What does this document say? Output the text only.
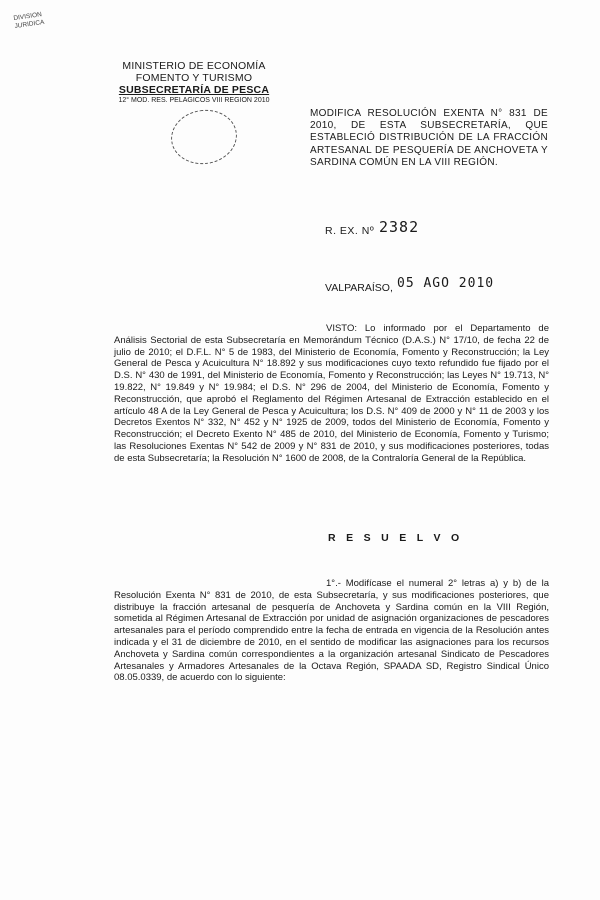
MINISTERIO DE ECONOMÍA
FOMENTO Y TURISMO
SUBSECRETARÍA DE PESCA
12° MOD. RES. PELAGICOS VIII REGION 2010
DIVISION
JURIDICA
MODIFICA RESOLUCIÓN EXENTA N° 831 DE 2010, DE ESTA SUBSECRETARÍA, QUE ESTABLECIÓ DISTRIBUCIÓN DE LA FRACCIÓN ARTESANAL DE PESQUERÍA DE ANCHOVETA Y SARDINA COMÚN EN LA VIII REGIÓN.
R. EX. Nº 2382
VALPARAÍSO, 05 AGO 2010
VISTO: Lo informado por el Departamento de Análisis Sectorial de esta Subsecretaría en Memorándum Técnico (D.A.S.) N° 17/10, de fecha 22 de julio de 2010; el D.F.L. N° 5 de 1983, del Ministerio de Economía, Fomento y Reconstrucción; la Ley General de Pesca y Acuicultura N° 18.892 y sus modificaciones cuyo texto refundido fue fijado por el D.S. N° 430 de 1991, del Ministerio de Economía, Fomento y Reconstrucción; las Leyes N° 19.713, N° 19.822, N° 19.849 y N° 19.984; el D.S. N° 296 de 2004, del Ministerio de Economía, Fomento y Reconstrucción, que aprobó el Reglamento del Régimen Artesanal de Extracción establecido en el artículo 48 A de la Ley General de Pesca y Acuicultura; los D.S. N° 409 de 2000 y N° 11 de 2003 y los Decretos Exentos N° 332, N° 452 y N° 1925 de 2009, todos del Ministerio de Economía, Fomento y Reconstrucción; el Decreto Exento N° 485 de 2010, del Ministerio de Economía, Fomento y Turismo; las Resoluciones Exentas N° 542 de 2009 y N° 831 de 2010, y sus modificaciones posteriores, todas de esta Subsecretaría; la Resolución N° 1600 de 2008, de la Contraloría General de la República.
R E S U E L V O
1°.- Modifícase el numeral 2° letras a) y b) de la Resolución Exenta N° 831 de 2010, de esta Subsecretaría, y sus modificaciones posteriores, que distribuye la fracción artesanal de pesquería de Anchoveta y Sardina común en la VIII Región, sometida al Régimen Artesanal de Extracción por unidad de asignación organizaciones de pescadores artesanales para el período comprendido entre la fecha de entrada en vigencia de la Resolución antes indicada y el 31 de diciembre de 2010, en el sentido de modificar las asignaciones para los recursos Anchoveta y Sardina común correspondientes a la organización artesanal Sindicato de Pescadores Artesanales y Armadores Artesanales de la Octava Región, SPAADA SD, Registro Sindical Único 08.05.0339, de acuerdo con lo siguiente:
